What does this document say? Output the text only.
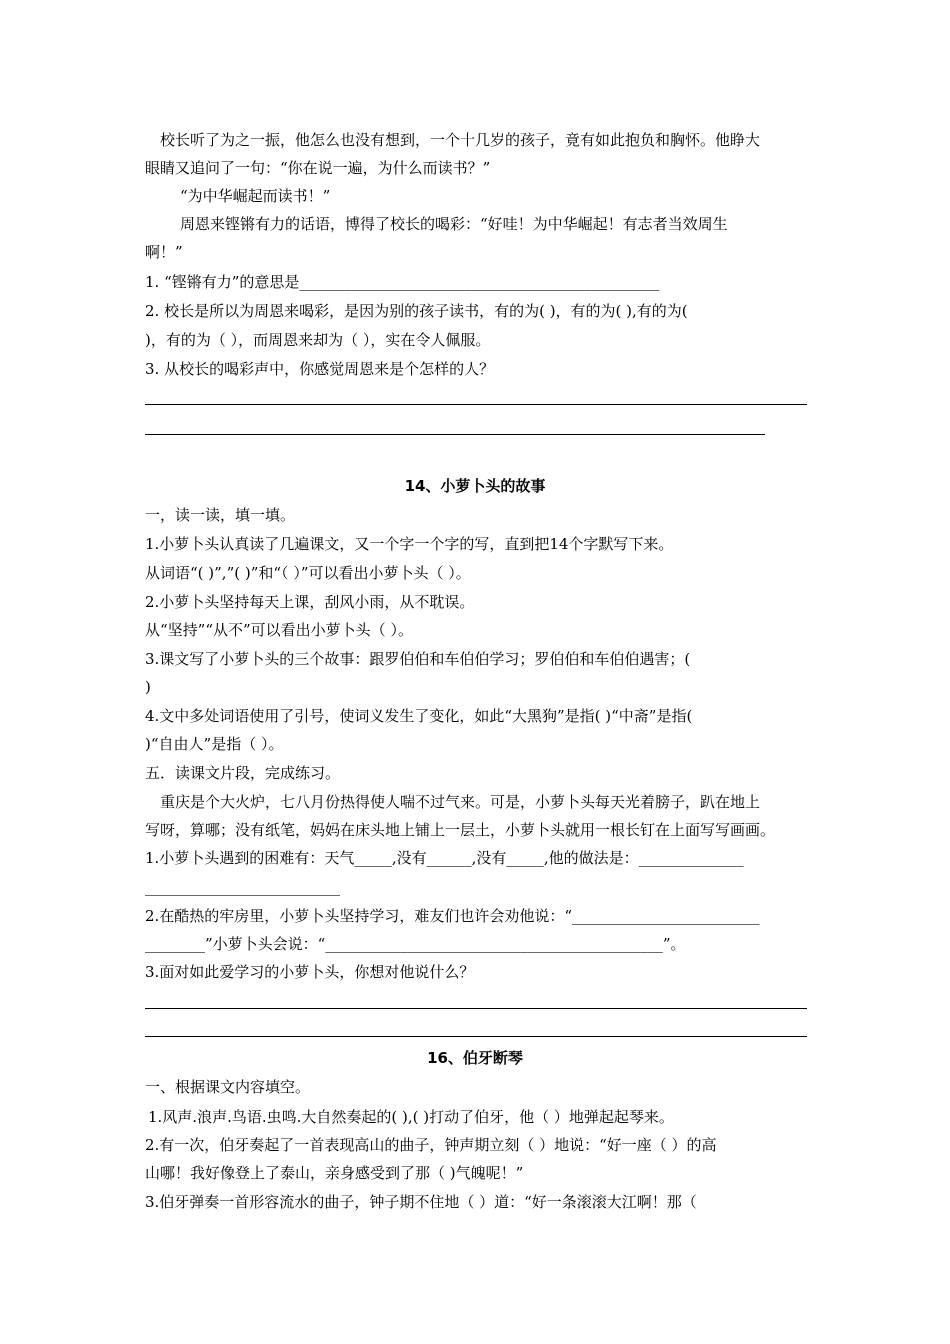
校长听了为之一振，他怎么也没有想到，一个十几岁的孩子，竟有如此抱负和胸怀。他睁大
眼睛又追问了一句：“你在说一遍，为什么而读书？”
“为中华崛起而读书！”
周恩来铿锵有力的话语，博得了校长的喝彩：“好哇！为中华崛起！有志者当效周生
啊！”
1. “铿锵有力”的意思是________________________________________________
2. 校长是所以为周恩来喝彩，是因为别的孩子读书，有的为( )，有的为( ),有的为(
)，有的为（ ），而周恩来却为（ ），实在令人佩服。
3. 从校长的喝彩声中，你感觉周恩来是个怎样的人？
14、小萝卜头的故事
一，读一读，填一填。
1.小萝卜头认真读了几遍课文，又一个字一个字的写，直到把14个字默写下来。
从词语“( )”,”( )”和“（ ）”可以看出小萝卜头（ ）。
2.小萝卜头坚持每天上课，刮风小雨，从不耽误。
从“坚持”“从不”可以看出小萝卜头（ ）。
3.课文写了小萝卜头的三个故事：跟罗伯伯和车伯伯学习；罗伯伯和车伯伯遇害；(
)
4.文中多处词语使用了引号，使词义发生了变化，如此“大黑狗”是指( )“中斋”是指(
)“自由人”是指（ ）。
五．读课文片段，完成练习。
重庆是个大火炉，七八月份热得使人喘不过气来。可是，小萝卜头每天光着膀子，趴在地上
写呀，算哪；没有纸笔，妈妈在床头地上铺上一层土，小萝卜头就用一根长钉在上面写写画画。
1.小萝卜头遇到的困难有：天气_____,没有______,没有_____,他的做法是：______________
__________________________
2.在酷热的牢房里，小萝卜头坚持学习，难友们也许会劝他说：“_________________________
________”小萝卜头会说：“_____________________________________________”。
3.面对如此爱学习的小萝卜头，你想对他说什么？
16、伯牙断琴
一、根据课文内容填空。
1.风声.浪声.鸟语.虫鸣.大自然奏起的( ),( )打动了伯牙，他（ ）地弹起起琴来。
2.有一次，伯牙奏起了一首表现高山的曲子，钟声期立刻（ ）地说：“好一座（ ）的高
山哪！我好像登上了泰山，亲身感受到了那（ )气魄呢！”
3.伯牙弹奏一首形容流水的曲子，钟子期不住地（ ）道：“好一条滚滚大江啊！那（
